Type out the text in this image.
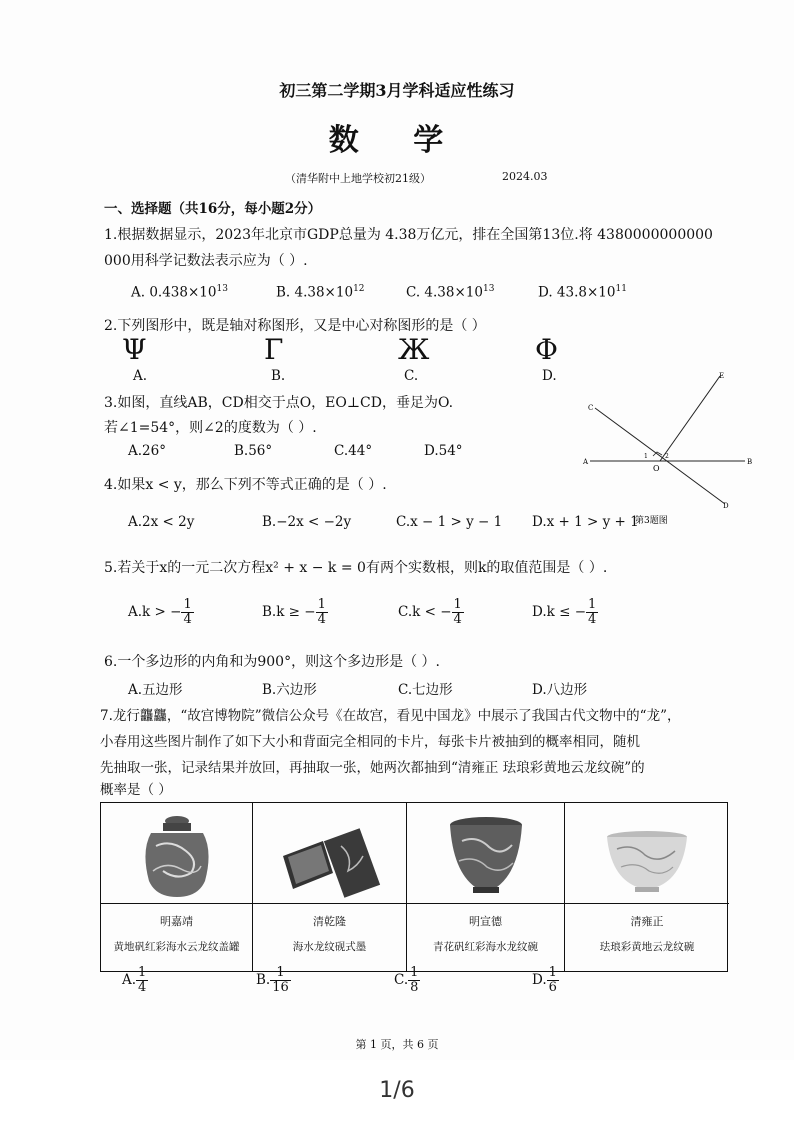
初三第二学期3月学科适应性练习
数 学
（清华附中上地学校初21级）	2024.03
一、选择题（共16分，每小题2分）
1.根据数据显示，2023年北京市GDP总量为 4.38万亿元，排在全国第13位.将 4380000000000
000用科学记数法表示应为（ ）.
A. $0.438\times 10^{13}$	B. $4.38\times 10^{12}$	C. $4.38\times 10^{13}$	D. $43.8\times 10^{11}$
2.下列图形中，既是轴对称图形，又是中心对称图形的是（ ）
Ψ	Γ	Ж	Φ
A.	B.	C.	D.
3.如图，直线AB，CD相交于点O，EO⊥CD，垂足为O.
若∠1=54°，则∠2的度数为（ ）.
A.26°	B.56°	C.44°	D.54°
A	B
C
D
E
O
1	2
第3题图
4.如果x < y，那么下列不等式正确的是（ ）.
A.2x < 2y	B.−2x < −2y	C.x − 1 > y − 1 D.x + 1 > y + 1
5.若关于x的一元二次方程x² + x − k = 0有两个实数根，则k的取值范围是（ ）.
A.k > − $\frac{1}{4}$	B.k ≥ − $\frac{1}{4}$	C.k < − $\frac{1}{4}$	D.k ≤ − $\frac{1}{4}$
6.一个多边形的内角和为900°，则这个多边形是（ ）.
A.五边形	B.六边形	C.七边形	D.八边形
7.龙行龘龘，“故宫博物院”微信公众号《在故宫，看见中国龙》中展示了我国古代文物中的“龙”，
小春用这些图片制作了如下大小和背面完全相同的卡片，每张卡片被抽到的概率相同，随机
先抽取一张，记录结果并放回，再抽取一张，她两次都抽到“清雍正 珐琅彩黄地云龙纹碗”的
概率是（ ）
明嘉靖
黄地矾红彩海水云龙纹盖罐
清乾隆
海水龙纹砚式墨
明宣德
青花矾红彩海水龙纹碗
清雍正
珐琅彩黄地云龙纹碗
A. $\frac{1}{4}$	B. $\frac{1}{16}$	C. $\frac{1}{8}$	D. $\frac{1}{6}$
第 1 页，共 6 页
1/6
